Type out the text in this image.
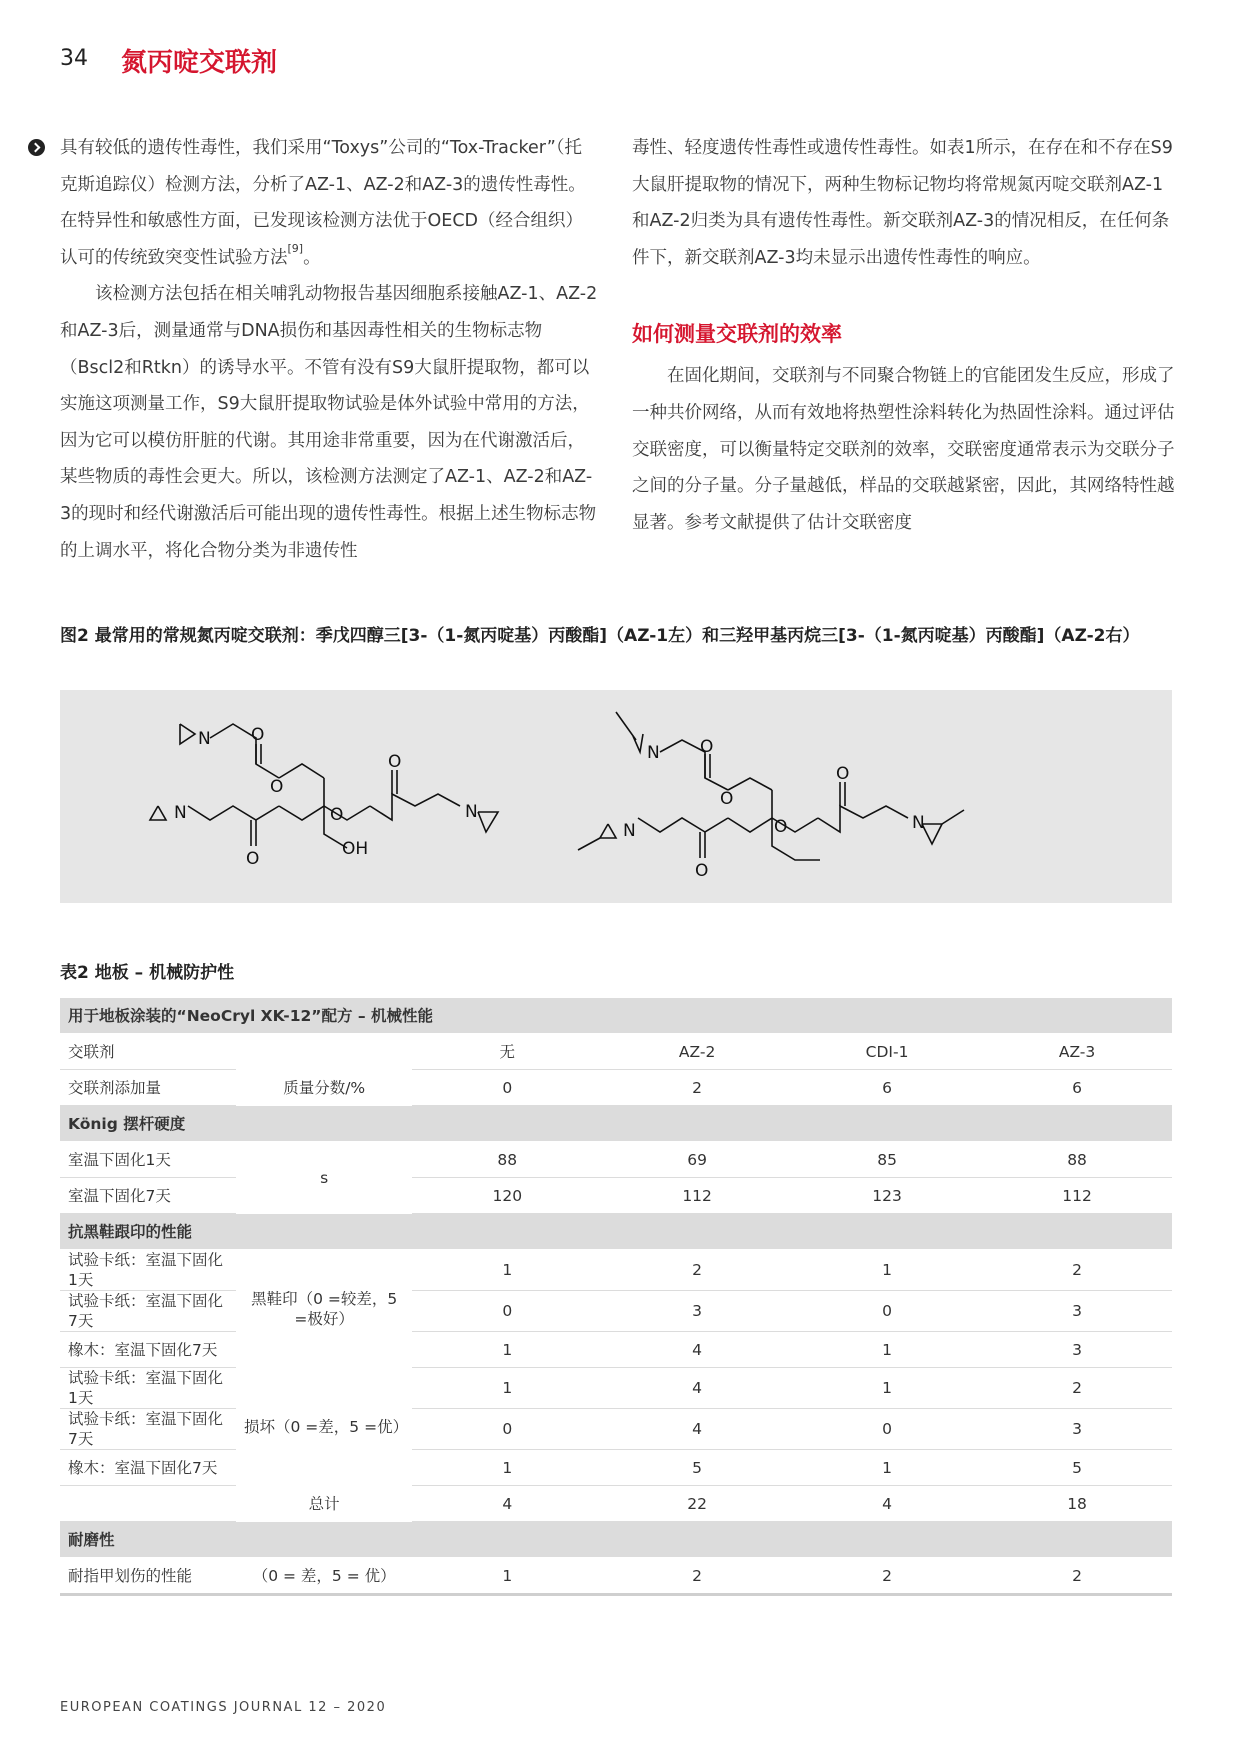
34 氮丙啶交联剂

具有较低的遗传性毒性，我们采用“Toxys”公司的“Tox-Tracker”（托克斯追踪仪）检测方法，分析了AZ-1、AZ-2和AZ-3的遗传性毒性。在特异性和敏感性方面，已发现该检测方法优于OECD（经合组织）认可的传统致突变性试验方法[9]。

该检测方法包括在相关哺乳动物报告基因细胞系接触AZ-1、AZ-2和AZ-3后，测量通常与DNA损伤和基因毒性相关的生物标志物（Bscl2和Rtkn）的诱导水平。不管有没有S9大鼠肝提取物，都可以实施这项测量工作，S9大鼠肝提取物试验是体外试验中常用的方法，因为它可以模仿肝脏的代谢。其用途非常重要，因为在代谢激活后，某些物质的毒性会更大。所以，该检测方法测定了AZ-1、AZ-2和AZ-3的现时和经代谢激活后可能出现的遗传性毒性。根据上述生物标志物的上调水平，将化合物分类为非遗传性

毒性、轻度遗传性毒性或遗传性毒性。如表1所示，在存在和不存在S9大鼠肝提取物的情况下，两种生物标记物均将常规氮丙啶交联剂AZ-1和AZ-2归类为具有遗传性毒性。新交联剂AZ-3的情况相反，在任何条件下，新交联剂AZ-3均未显示出遗传性毒性的响应。

如何测量交联剂的效率

在固化期间，交联剂与不同聚合物链上的官能团发生反应，形成了一种共价网络，从而有效地将热塑性涂料转化为热固性涂料。通过评估交联密度，可以衡量特定交联剂的效率，交联密度通常表示为交联分子之间的分子量。分子量越低，样品的交联越紧密，因此，其网络特性越显著。参考文献提供了估计交联密度

图2 最常用的常规氮丙啶交联剂：季戊四醇三[3-（1-氮丙啶基）丙酸酯]（AZ-1左）和三羟甲基丙烷三[3-（1-氮丙啶基）丙酸酯]（AZ-2右）
N O
O
N
O
O
O
N
OH
N O
O
N
O
O
O
N
表2 地板 – 机械防护性
用于地板涂装的“NeoCryl XK-12”配方 – 机械性能					
交联剂		无	AZ-2	CDI-1	AZ-3
交联剂添加量	质量分数/%	0	2	6	6
König 摆杆硬度					
室温下固化1天	s	88	69	85	88
室温下固化7天		120	112	123	112
抗黑鞋跟印的性能					
试验卡纸：室温下固化1天	黑鞋印（0 =较差，5 =极好）	1	2	1	2
试验卡纸：室温下固化7天		0	3	0	3
橡木：室温下固化7天		1	4	1	3
试验卡纸：室温下固化1天	损坏（0 =差，5 =优）	1	4	1	2
试验卡纸：室温下固化7天		0	4	0	3
橡木：室温下固化7天		1	5	1	5
	总计	4	22	4	18
耐磨性					
耐指甲划伤的性能	（0 = 差，5 = 优）	1	2	2	2
EUROPEAN COATINGS JOURNAL 12 – 2020
